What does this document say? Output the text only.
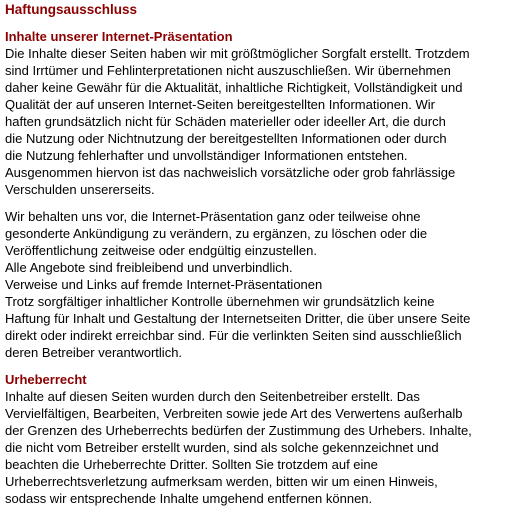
Haftungsausschluss
Inhalte unserer Internet-Präsentation
Die Inhalte dieser Seiten haben wir mit größtmöglicher Sorgfalt erstellt. Trotzdem
sind Irrtümer und Fehlinterpretationen nicht auszuschließen. Wir übernehmen
daher keine Gewähr für die Aktualität, inhaltliche Richtigkeit, Vollständigkeit und
Qualität der auf unseren Internet-Seiten bereitgestellten Informationen. Wir
haften grundsätzlich nicht für Schäden materieller oder ideeller Art, die durch
die Nutzung oder Nichtnutzung der bereitgestellten Informationen oder durch
die Nutzung fehlerhafter und unvollständiger Informationen entstehen.
Ausgenommen hiervon ist das nachweislich vorsätzliche oder grob fahrlässige
Verschulden unsererseits.
Wir behalten uns vor, die Internet-Präsentation ganz oder teilweise ohne
gesonderte Ankündigung zu verändern, zu ergänzen, zu löschen oder die
Veröffentlichung zeitweise oder endgültig einzustellen.
Alle Angebote sind freibleibend und unverbindlich.
Verweise und Links auf fremde Internet-Präsentationen
Trotz sorgfältiger inhaltlicher Kontrolle übernehmen wir grundsätzlich keine
Haftung für Inhalt und Gestaltung der Internetseiten Dritter, die über unsere Seite
direkt oder indirekt erreichbar sind. Für die verlinkten Seiten sind ausschließlich
deren Betreiber verantwortlich.
Urheberrecht
Inhalte auf diesen Seiten wurden durch den Seitenbetreiber erstellt. Das
Vervielfältigen, Bearbeiten, Verbreiten sowie jede Art des Verwertens außerhalb
der Grenzen des Urheberrechts bedürfen der Zustimmung des Urhebers. Inhalte,
die nicht vom Betreiber erstellt wurden, sind als solche gekennzeichnet und
beachten die Urheberrechte Dritter. Sollten Sie trotzdem auf eine
Urheberrechtsverletzung aufmerksam werden, bitten wir um einen Hinweis,
sodass wir entsprechende Inhalte umgehend entfernen können.
